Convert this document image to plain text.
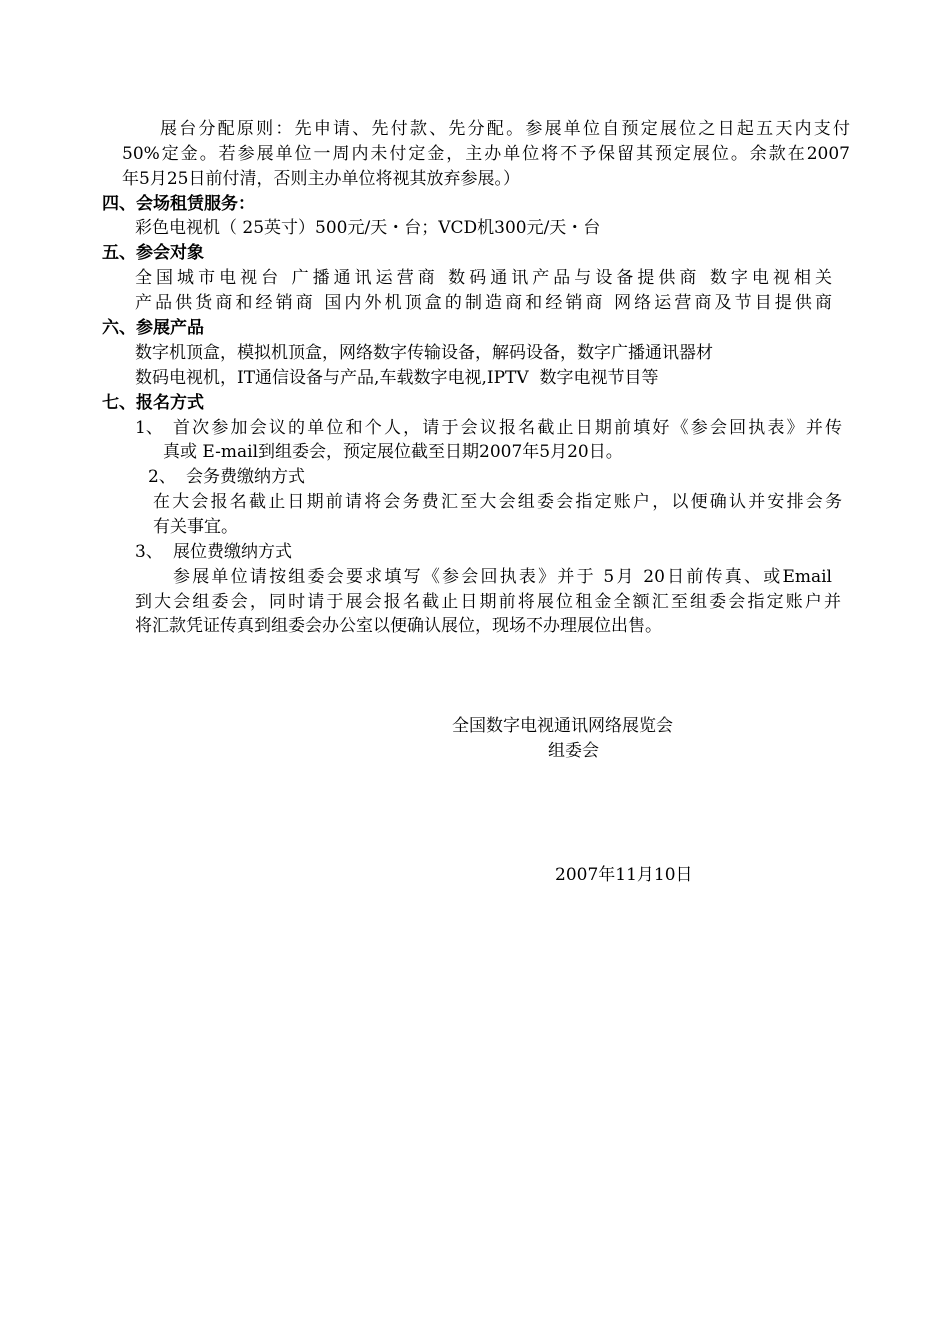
展台分配原则：先申请、先付款、先分配。参展单位自预定展位之日起五天内支付
50%定金。若参展单位一周内未付定金，主办单位将不予保留其预定展位。余款在2007
年5月25日前付清，否则主办单位将视其放弃参展。）
四、会场租赁服务：
彩色电视机（ 25英寸）500元/天・台；VCD机300元/天・台
五、参会对象
全国城市电视台 广播通讯运营商 数码通讯产品与设备提供商 数字电视相关
产品供货商和经销商 国内外机顶盒的制造商和经销商 网络运营商及节目提供商
六、参展产品
数字机顶盒，模拟机顶盒，网络数字传输设备，解码设备，数字广播通讯器材
数码电视机，IT通信设备与产品,车载数字电视,IPTV  数字电视节目等
七、报名方式
1、 首次参加会议的单位和个人，请于会议报名截止日期前填好《参会回执表》并传
真或 E-mail到组委会，预定展位截至日期2007年5月20日。
2、 会务费缴纳方式
在大会报名截止日期前请将会务费汇至大会组委会指定账户，以便确认并安排会务
有关事宜。
3、 展位费缴纳方式
参展单位请按组委会要求填写《参会回执表》并于 5月 20日前传真、或Email
到大会组委会，同时请于展会报名截止日期前将展位租金全额汇至组委会指定账户并
将汇款凭证传真到组委会办公室以便确认展位，现场不办理展位出售。
全国数字电视通讯网络展览会
组委会
2007年11月10日
